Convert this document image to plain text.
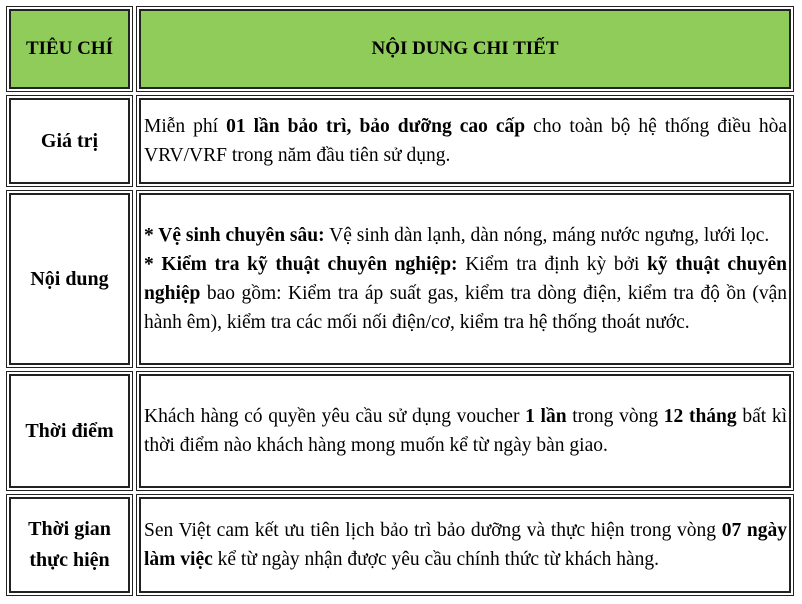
TIÊU CHÍ	NỘI DUNG CHI TIẾT
Giá trị

Miễn phí 01 lần bảo trì, bảo dưỡng cao cấp cho toàn bộ hệ thống điều hòa VRV/VRF trong năm đầu tiên sử dụng.

Nội dung

* Vệ sinh chuyên sâu: Vệ sinh dàn lạnh, dàn nóng, máng nước ngưng, lưới lọc.

* Kiểm tra kỹ thuật chuyên nghiệp: Kiểm tra định kỳ bởi kỹ thuật chuyên nghiệp bao gồm: Kiểm tra áp suất gas, kiểm tra dòng điện, kiểm tra độ ồn (vận hành êm), kiểm tra các mối nối điện/cơ, kiểm tra hệ thống thoát nước.

Thời điểm

Khách hàng có quyền yêu cầu sử dụng voucher 1 lần trong vòng 12 tháng bất kì thời điểm nào khách hàng mong muốn kể từ ngày bàn giao.

Thời gian
thực hiện

Sen Việt cam kết ưu tiên lịch bảo trì bảo dưỡng và thực hiện trong vòng 07 ngày làm việc kể từ ngày nhận được yêu cầu chính thức từ khách hàng.
